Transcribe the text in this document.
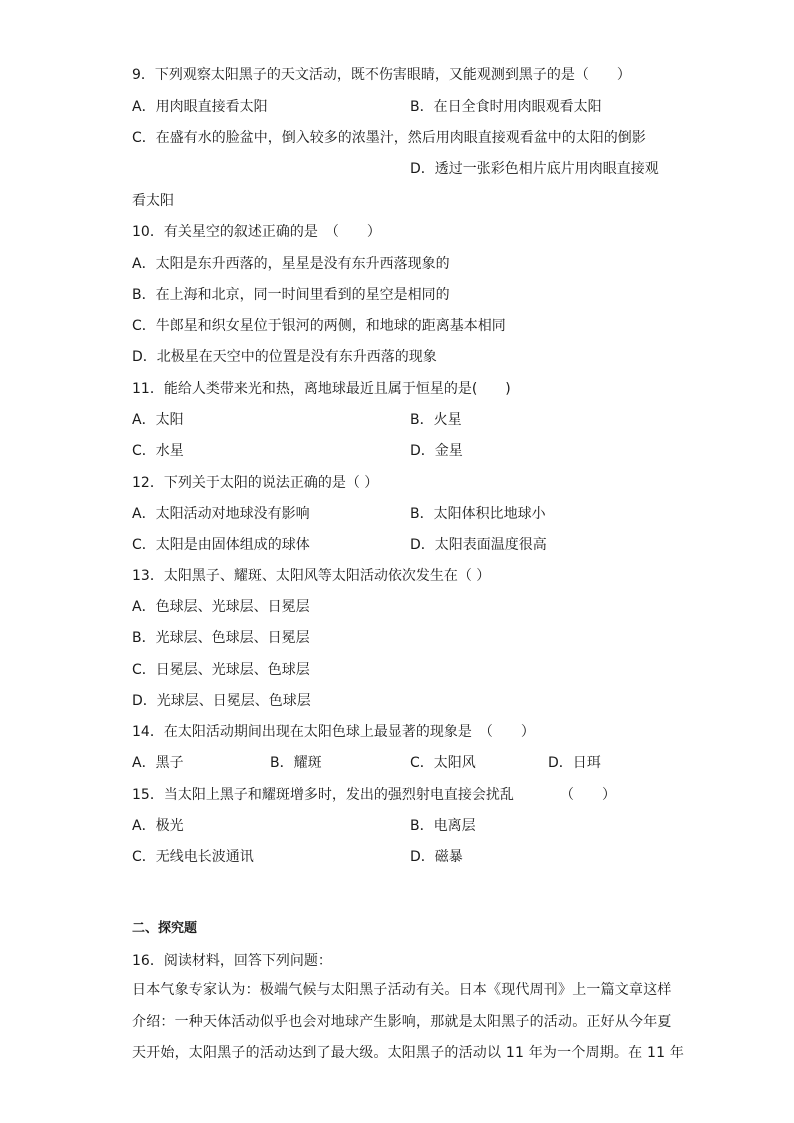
9．下列观察太阳黑子的天文活动，既不伤害眼睛，又能观测到黑子的是（　　）
A．用肉眼直接看太阳	B．在日全食时用肉眼观看太阳
C．在盛有水的脸盆中，倒入较多的浓墨汁，然后用肉眼直接观看盆中的太阳的倒影
D．透过一张彩色相片底片用肉眼直接观
看太阳
10．有关星空的叙述正确的是　（　　）
A．太阳是东升西落的，星星是没有东升西落现象的
B．在上海和北京，同一时间里看到的星空是相同的
C．牛郎星和织女星位于银河的两侧，和地球的距离基本相同
D．北极星在天空中的位置是没有东升西落的现象
11．能给人类带来光和热，离地球最近且属于恒星的是(　　)
A．太阳	B．火星
C．水星	D．金星
12．下列关于太阳的说法正确的是（ ）
A．太阳活动对地球没有影响	B．太阳体积比地球小
C．太阳是由固体组成的球体	D．太阳表面温度很高
13．太阳黑子、耀斑、太阳风等太阳活动依次发生在（ ）
A．色球层、光球层、日冕层
B．光球层、色球层、日冕层
C．日冕层、光球层、色球层
D．光球层、日冕层、色球层
14．在太阳活动期间出现在太阳色球上最显著的现象是　（　　）
A．黑子	B．耀斑	C．太阳风	D．日珥
15．当太阳上黑子和耀斑增多时，发出的强烈射电直接会扰乱	（　　）
A．极光	B．电离层
C．无线电长波通讯	D．磁暴
二、探究题
16．阅读材料，回答下列问题：
日本气象专家认为：极端气候与太阳黑子活动有关。日本《现代周刊》上一篇文章这样
介绍：一种天体活动似乎也会对地球产生影响，那就是太阳黑子的活动。正好从今年夏
天开始，太阳黑子的活动达到了最大级。太阳黑子的活动以 11 年为一个周期。在 11 年
